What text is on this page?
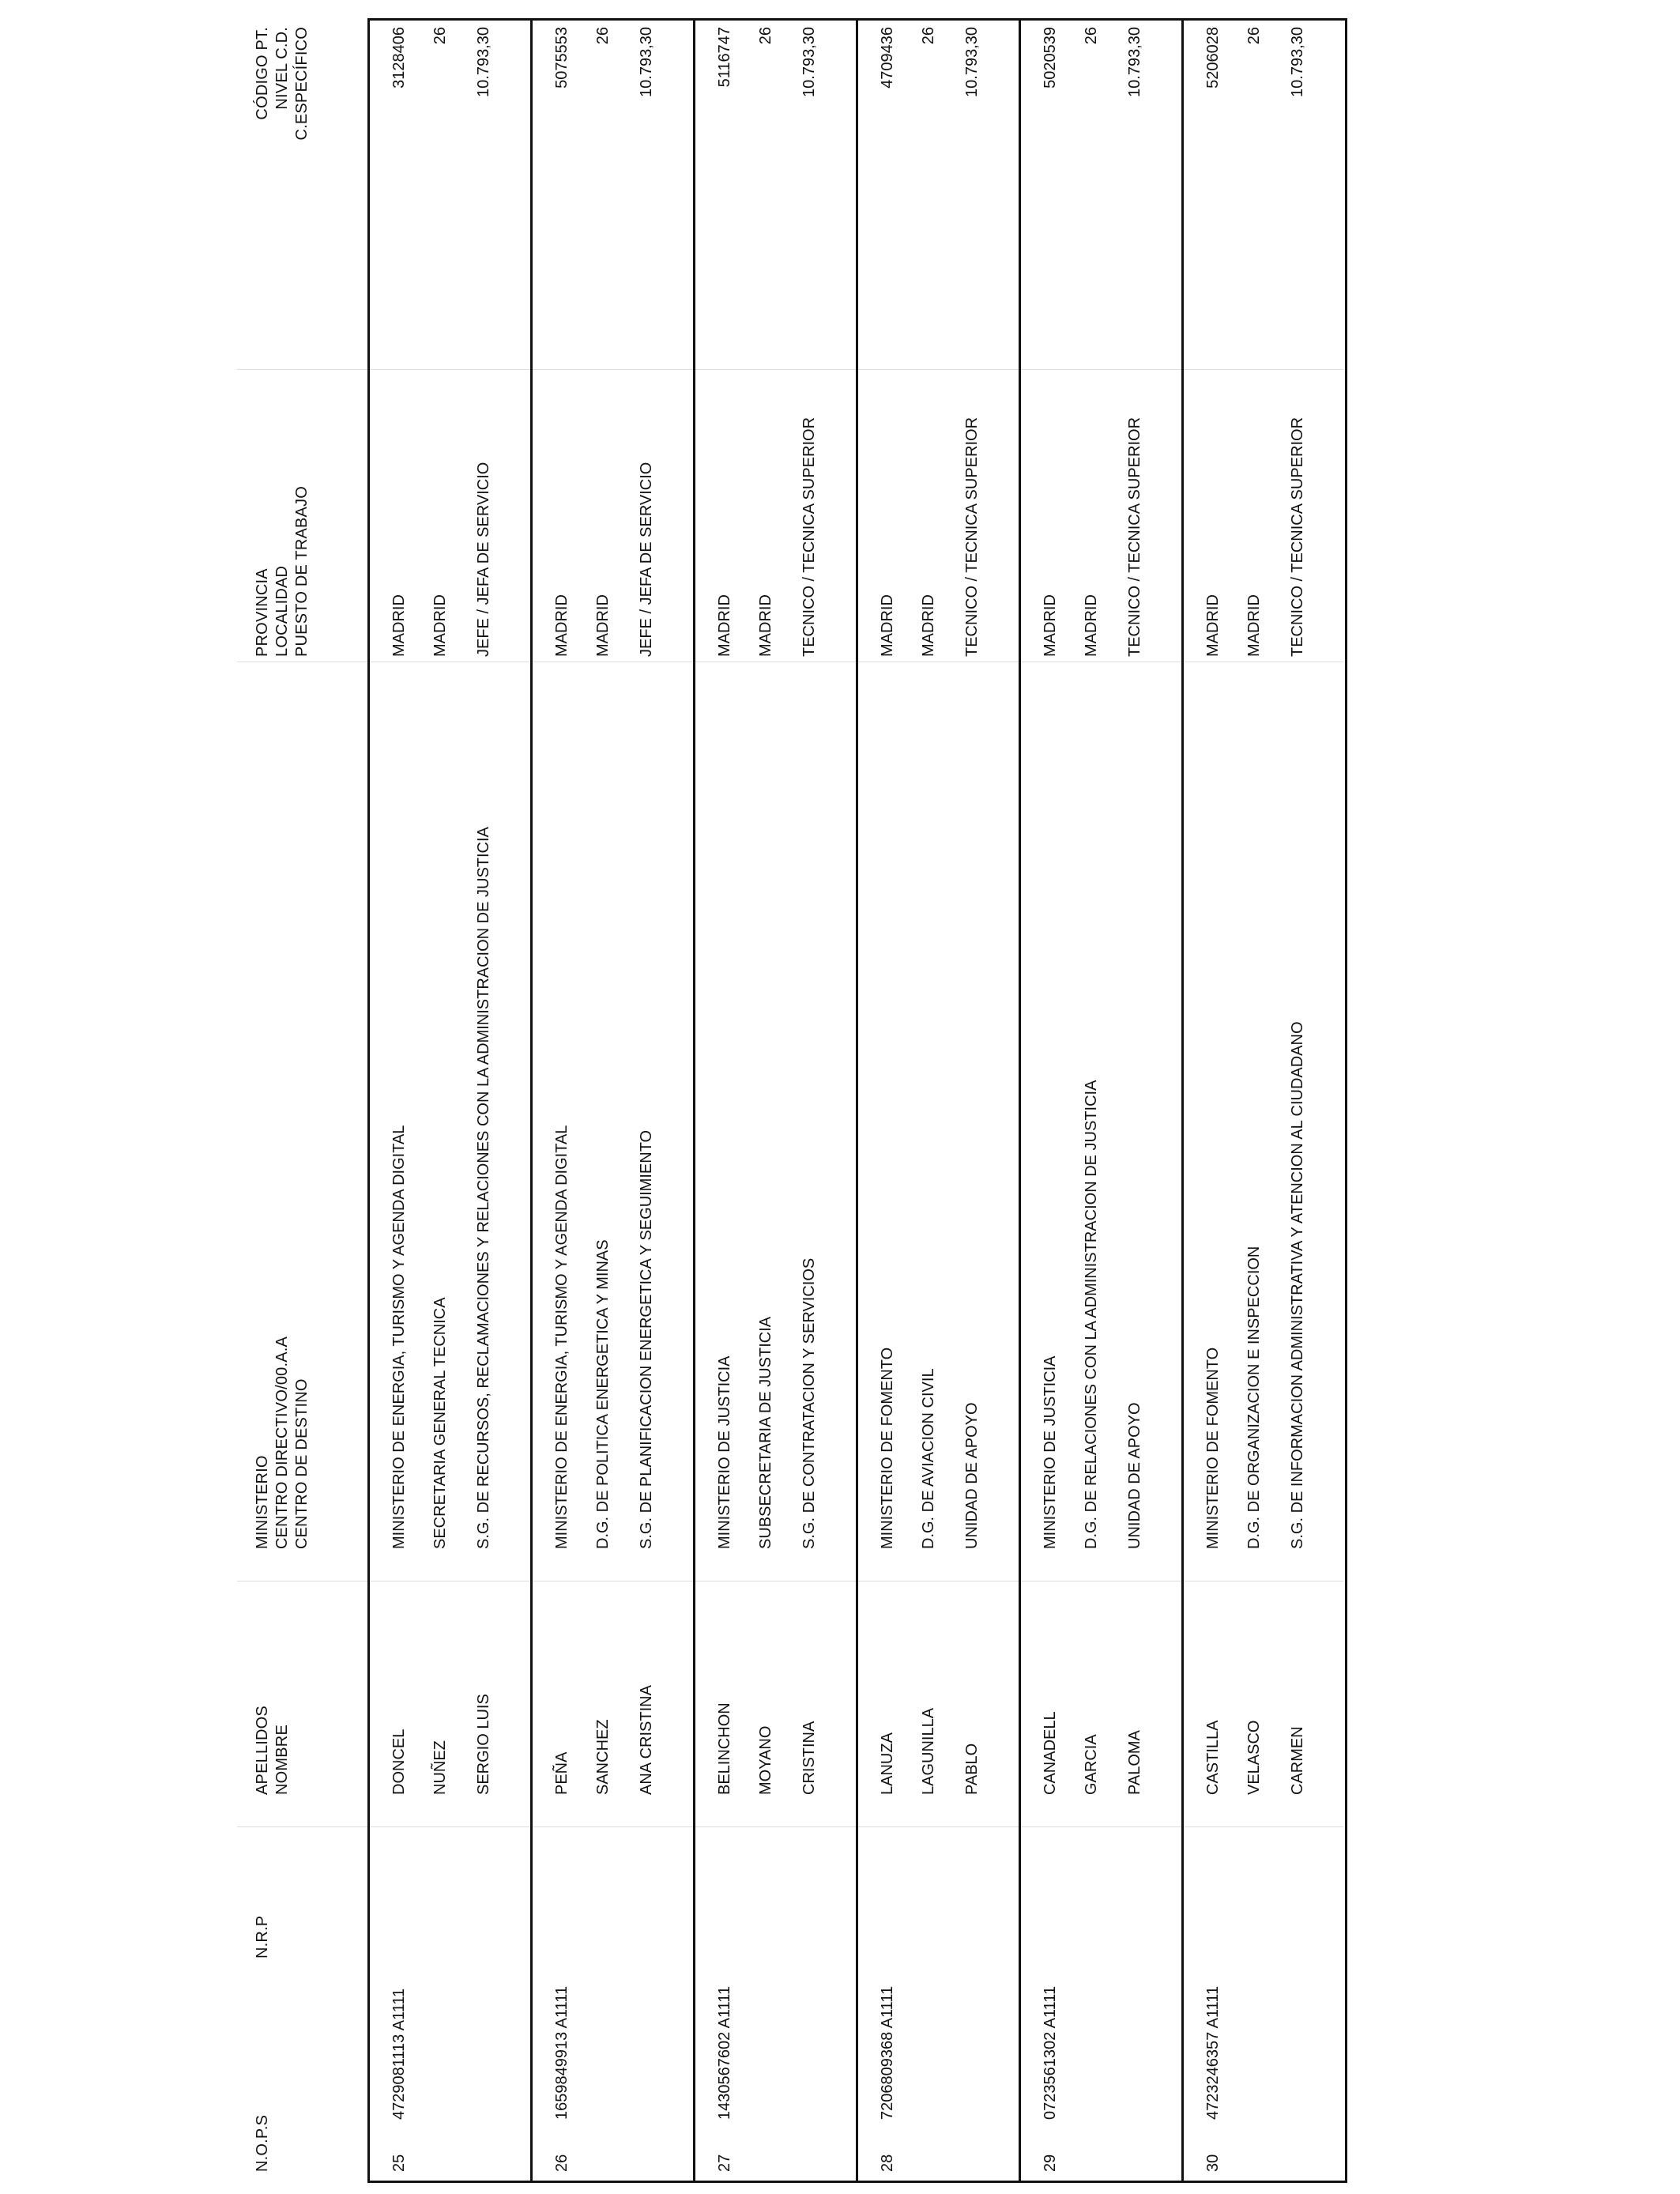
N.O.P.S
N.R.P
APELLIDOS NOMBRE
MINISTERIO CENTRO DIRECTIVO/00.A.A CENTRO DE DESTINO
PROVINCIA LOCALIDAD PUESTO DE TRABAJO
CÓDIGO PT. NIVEL C.D. C.ESPECÍFICO
25
4729081113 A1111
DONCEL NUÑEZ SERGIO LUIS
MINISTERIO DE ENERGIA, TURISMO Y AGENDA DIGITAL SECRETARIA GENERAL TECNICA S.G. DE RECURSOS, RECLAMACIONES Y RELACIONES CON LA ADMINISTRACION DE JUSTICIA
MADRID MADRID JEFE / JEFA DE SERVICIO
3128406 26 10.793,30
26
1659849913 A1111
PEÑA SANCHEZ ANA CRISTINA
MINISTERIO DE ENERGIA, TURISMO Y AGENDA DIGITAL D.G. DE POLITICA ENERGETICA Y MINAS S.G. DE PLANIFICACION ENERGETICA Y SEGUIMIENTO
MADRID MADRID JEFE / JEFA DE SERVICIO
5075553 26 10.793,30
27
1430567602 A1111
BELINCHON MOYANO CRISTINA
MINISTERIO DE JUSTICIA SUBSECRETARIA DE JUSTICIA S.G. DE CONTRATACION Y SERVICIOS
MADRID MADRID TECNICO / TECNICA SUPERIOR
5116747 26 10.793,30
28
7206809368 A1111
LANUZA LAGUNILLA PABLO
MINISTERIO DE FOMENTO D.G. DE AVIACION CIVIL UNIDAD DE APOYO
MADRID MADRID TECNICO / TECNICA SUPERIOR
4709436 26 10.793,30
29
0723561302 A1111
CANADELL GARCIA PALOMA
MINISTERIO DE JUSTICIA D.G. DE RELACIONES CON LA ADMINISTRACION DE JUSTICIA UNIDAD DE APOYO
MADRID MADRID TECNICO / TECNICA SUPERIOR
5020539 26 10.793,30
30
4723246357 A1111
CASTILLA VELASCO CARMEN
MINISTERIO DE FOMENTO D.G. DE ORGANIZACION E INSPECCION S.G. DE INFORMACION ADMINISTRATIVA Y ATENCION AL CIUDADANO
MADRID MADRID TECNICO / TECNICA SUPERIOR
5206028 26 10.793,30
